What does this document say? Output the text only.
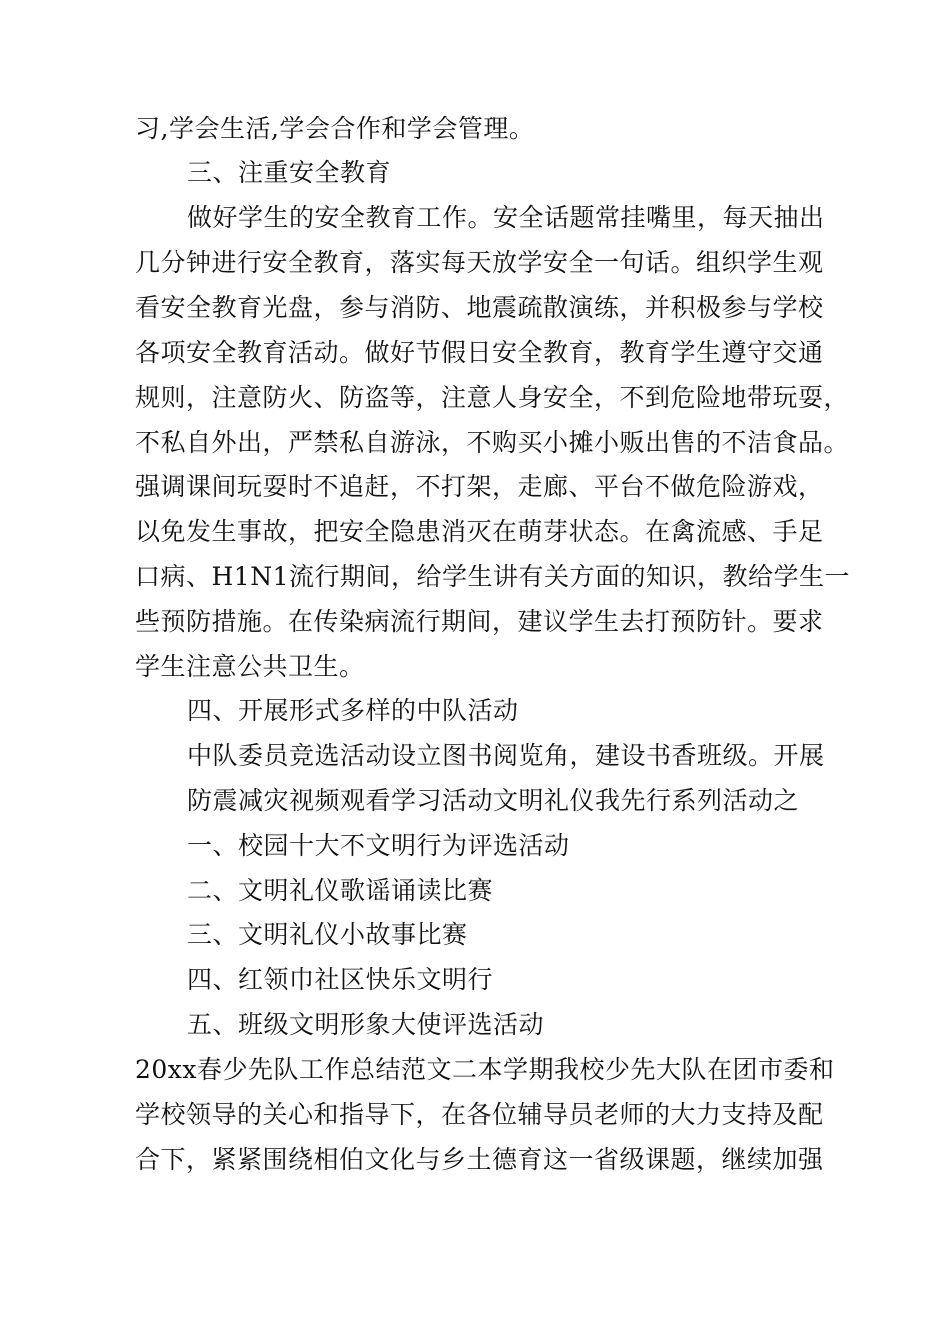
习,学会生活,学会合作和学会管理。
三、注重安全教育
做好学生的安全教育工作。安全话题常挂嘴里，每天抽出
几分钟进行安全教育，落实每天放学安全一句话。组织学生观
看安全教育光盘，参与消防、地震疏散演练，并积极参与学校
各项安全教育活动。做好节假日安全教育，教育学生遵守交通
规则，注意防火、防盗等，注意人身安全，不到危险地带玩耍，
不私自外出，严禁私自游泳，不购买小摊小贩出售的不洁食品。
强调课间玩耍时不追赶，不打架，走廊、平台不做危险游戏，
以免发生事故，把安全隐患消灭在萌芽状态。在禽流感、手足
口病、H1N1流行期间，给学生讲有关方面的知识，教给学生一
些预防措施。在传染病流行期间，建议学生去打预防针。要求
学生注意公共卫生。
四、开展形式多样的中队活动
中队委员竞选活动设立图书阅览角，建设书香班级。开展
防震减灾视频观看学习活动文明礼仪我先行系列活动之
一、校园十大不文明行为评选活动
二、文明礼仪歌谣诵读比赛
三、文明礼仪小故事比赛
四、红领巾社区快乐文明行
五、班级文明形象大使评选活动
20xx春少先队工作总结范文二本学期我校少先大队在团市委和
学校领导的关心和指导下，在各位辅导员老师的大力支持及配
合下，紧紧围绕相伯文化与乡土德育这一省级课题，继续加强
